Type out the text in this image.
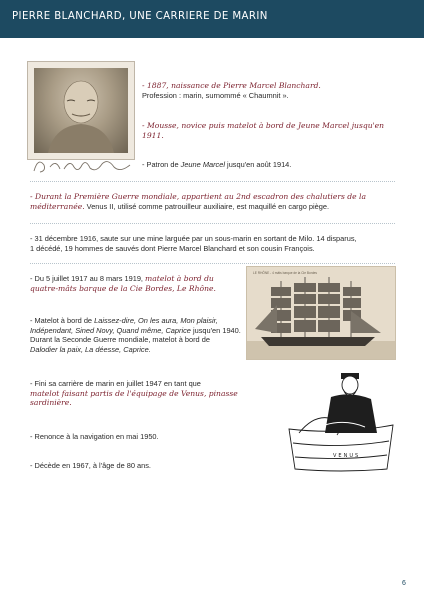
PIERRE BLANCHARD, UNE CARRIERE DE MARIN
- 1887, naissance de Pierre Marcel Blanchard.
Profession : marin, surnommé « Chaumnit ».
- Mousse, novice puis matelot à bord de Jeune Marcel jusqu'en 1911.
- Patron de Jeune Marcel jusqu'en août 1914.
- Durant la Première Guerre mondiale, appartient au 2nd escadron des chalutiers de la méditerranée. Venus II, utilisé comme patrouilleur auxiliaire, est maquillé en cargo piège.
- 31 décembre 1916, saute sur une mine larguée par un sous-marin en sortant de Milo. 14 disparus,
1 décédé, 19 hommes de sauvés dont Pierre Marcel Blanchard et son cousin François.
- Du 5 juillet 1917 au 8 mars 1919, matelot à bord du quatre-mâts barque de la Cie Bordes, Le Rhône.
LE RHÔNE - 4 mâts barque de la Cie Bordes
- Matelot à bord de Laissez-dire, On les aura, Mon plaisir,
Indépendant, Sined Novy, Quand même, Caprice jusqu'en 1940.
Durant la Seconde Guerre mondiale, matelot à bord de
Dalodier la paix, La déesse, Caprice.
- Fini sa carrière de marin en juillet 1947 en tant que
matelot faisant partis de l'équipage de Venus, pinasse sardinière.
VENUS
- Renonce à la navigation en mai 1950.
- Décède en 1967, à l'âge de 80 ans.
6
